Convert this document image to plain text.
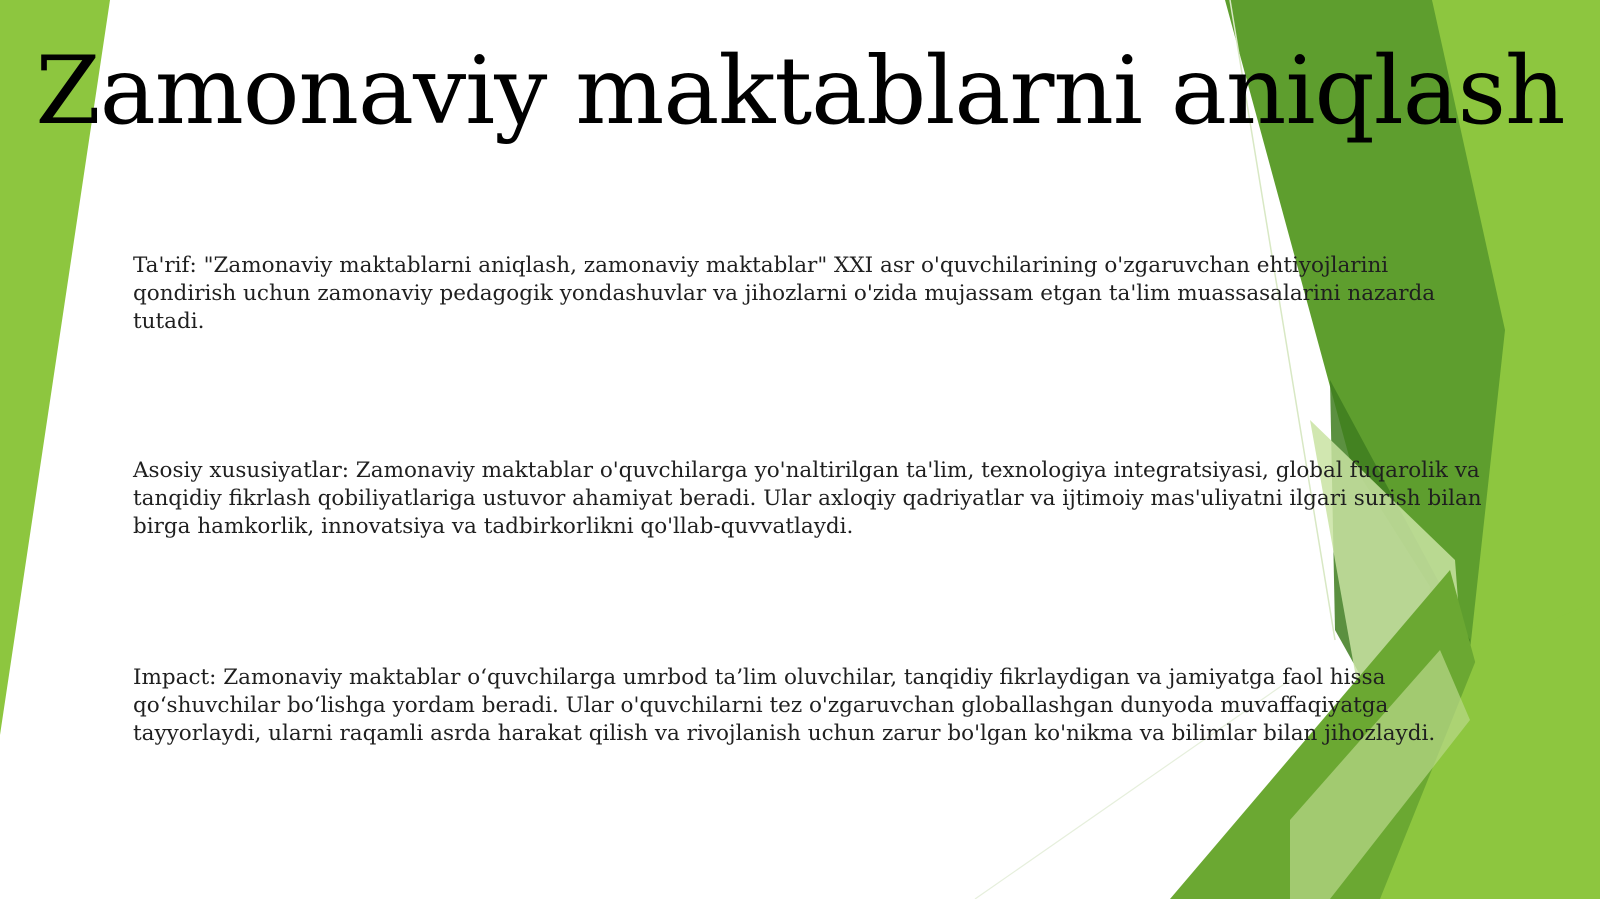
Zamonaviy maktablarni aniqlash

Ta'rif: "Zamonaviy maktablarni aniqlash, zamonaviy maktablar" XXI asr o'quvchilarining o'zgaruvchan ehtiyojlarini qondirish uchun zamonaviy pedagogik yondashuvlar va jihozlarni o'zida mujassam etgan ta'lim muassasalarini nazarda tutadi.

Asosiy xususiyatlar: Zamonaviy maktablar o'quvchilarga yo'naltirilgan ta'lim, texnologiya integratsiyasi, global fuqarolik va tanqidiy fikrlash qobiliyatlariga ustuvor ahamiyat beradi. Ular axloqiy qadriyatlar va ijtimoiy mas'uliyatni ilgari surish bilan birga hamkorlik, innovatsiya va tadbirkorlikni qo'llab-quvvatlaydi.

Impact: Zamonaviy maktablar o‘quvchilarga umrbod ta’lim oluvchilar, tanqidiy fikrlaydigan va jamiyatga faol hissa qo‘shuvchilar bo‘lishga yordam beradi. Ular o'quvchilarni tez o'zgaruvchan globallashgan dunyoda muvaffaqiyatga tayyorlaydi, ularni raqamli asrda harakat qilish va rivojlanish uchun zarur bo'lgan ko'nikma va bilimlar bilan jihozlaydi.
